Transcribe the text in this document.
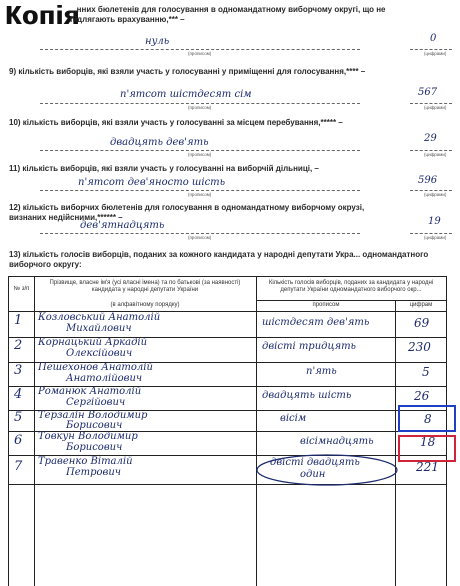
Копія
...нних бюлетенів для голосування в одномандатному виборчому округі, що не підлягають врахуванню,*** –
нуль
(прописом)
0
(цифрами)
9) кількість виборців, які взяли участь у голосуванні у приміщенні для голосування,**** –
п'ятсот шістдесят сім
(прописом)
567
(цифрами)
10) кількість виборців, які взяли участь у голосуванні за місцем перебування,***** –
двадцять дев'ять
(прописом)
29
(цифрами)
11) кількість виборців, які взяли участь у голосуванні на виборчій дільниці, –
п'ятсот дев'яносто шість
(прописом)
596
(цифрами)
12) кількість виборчих бюлетенів для голосування в одномандатному виборчому окрузі, визнаних недійсними,****** –
дев'ятнадцять
(прописом)
19
(цифрами)
13) кількість голосів виборців, поданих за кожного кандидата у народні депутати Укра... одномандатного виборчого округу:
№ з/п
Прізвище, власне ім'я (усі власні імена) та по батькові (за наявності) кандидата у народні депутати України
(в алфавітному порядку)
Кількість голосів виборців, поданих за кандидата у народні депутати України одномандатного виборчого окр...
прописом	цифрам
1 Козловський Анатолій
Михайлович
шістдесят дев'ять	69
2 Корнацький Аркадій
Олексійович
двісті тридцять	230
3 Пешехонов Анатолій
Анатолійович
п'ять	5
4 Романюк Анатолій
Сергійович
двадцять шість	26
5 Терзалін Володимир
Борисович
вісім	8
6 Товкун Володимир
Борисович
вісімнадцять	18
7 Травенко Віталій
Петрович
двісті двадцять
один
221
